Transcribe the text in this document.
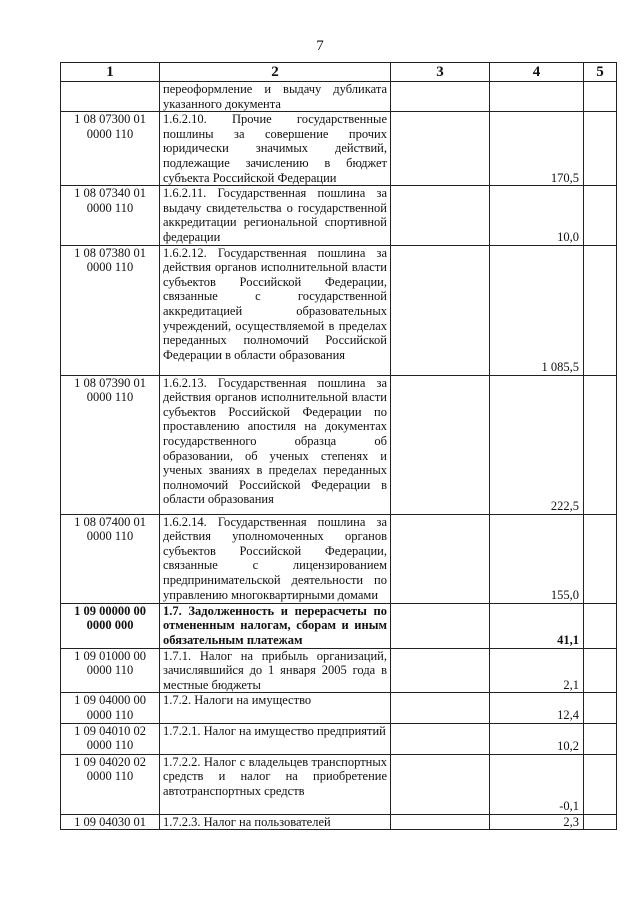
7
1	2	3	4	5
	переоформление и выдачу дубликата указанного документа			
1 08 07300 01 0000 110	1.6.2.10. Прочие государственные пошлины за совершение прочих юридически значимых действий, подлежащие зачислению в бюджет субъекта Российской Федерации		170,5	
1 08 07340 01 0000 110	1.6.2.11. Государственная пошлина за выдачу свидетельства о государственной аккредитации региональной спортивной федерации		10,0	
1 08 07380 01 0000 110	1.6.2.12. Государственная пошлина за действия органов исполнительной власти субъектов Российской Федерации, связанные с государственной аккредитацией образовательных учреждений, осуществляемой в пределах переданных полномочий Российской Федерации в области образования		1 085,5	
1 08 07390 01 0000 110	1.6.2.13. Государственная пошлина за действия органов исполнительной власти субъектов Российской Федерации по проставлению апостиля на документах государственного образца об образовании, об ученых степенях и ученых званиях в пределах переданных полномочий Российской Федерации в области образования		222,5	
1 08 07400 01 0000 110	1.6.2.14. Государственная пошлина за действия уполномоченных органов субъектов Российской Федерации, связанные с лицензированием предпринимательской деятельности по управлению многоквартирными домами		155,0	
1 09 00000 00 0000 000	1.7. Задолженность и перерасчеты по отмененным налогам, сборам и иным обязательным платежам		41,1	
1 09 01000 00 0000 110	1.7.1. Налог на прибыль организаций, зачислявшийся до 1 января 2005 года в местные бюджеты		2,1	
1 09 04000 00 0000 110	1.7.2. Налоги на имущество		12,4	
1 09 04010 02 0000 110	1.7.2.1. Налог на имущество предприятий		10,2	
1 09 04020 02 0000 110	1.7.2.2. Налог с владельцев транспортных средств и налог на приобретение автотранспортных средств		-0,1	
1 09 04030 01	1.7.2.3. Налог на пользователей		2,3	
